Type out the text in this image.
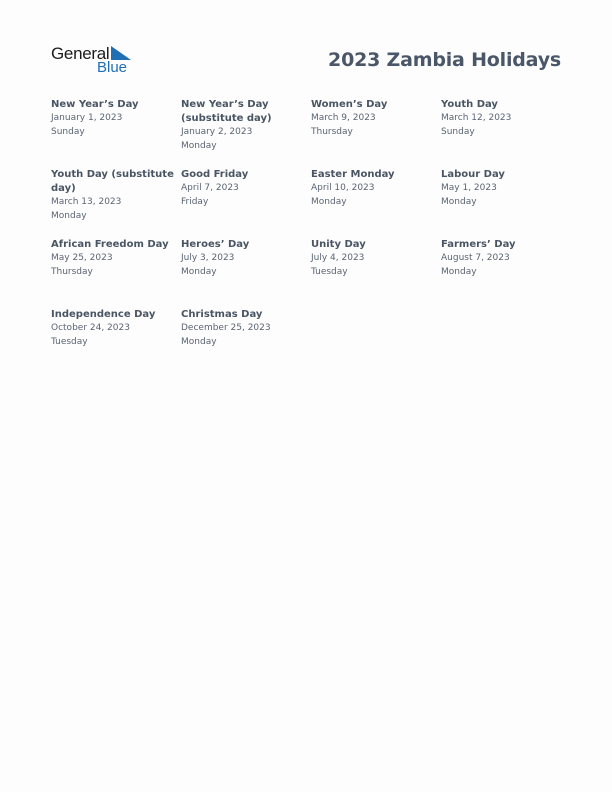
General
Blue	2023 Zambia Holidays
New Year’s Day
January 1, 2023
Sunday
New Year’s Day (substitute day)
January 2, 2023
Monday
Women’s Day
March 9, 2023
Thursday
Youth Day
March 12, 2023
Sunday
Youth Day (substitute day)
March 13, 2023
Monday
Good Friday
April 7, 2023
Friday
Easter Monday
April 10, 2023
Monday
Labour Day
May 1, 2023
Monday
African Freedom Day
May 25, 2023
Thursday
Heroes’ Day
July 3, 2023
Monday
Unity Day
July 4, 2023
Tuesday
Farmers’ Day
August 7, 2023
Monday
Independence Day
October 24, 2023
Tuesday
Christmas Day
December 25, 2023
Monday
